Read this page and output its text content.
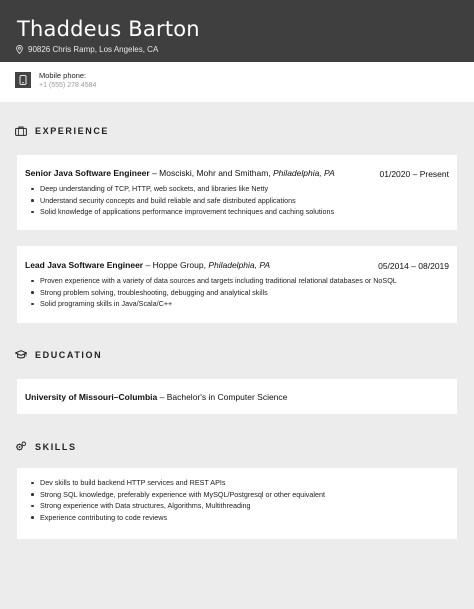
Thaddeus Barton
90826 Chris Ramp, Los Angeles, CA
Mobile phone:
+1 (555) 278 4584
EXPERIENCE
Senior Java Software Engineer – Mosciski, Mohr and Smitham, Philadelphia, PA	01/2020 – Present
Deep understanding of TCP, HTTP, web sockets, and libraries like Netty
Understand security concepts and build reliable and safe distributed applications
Solid knowledge of applications performance improvement techniques and caching solutions
Lead Java Software Engineer – Hoppe Group, Philadelphia, PA	05/2014 – 08/2019
Proven experience with a variety of data sources and targets including traditional relational databases or NoSQL
Strong problem solving, troubleshooting, debugging and analytical skills
Solid programing skills in Java/Scala/C++
EDUCATION
University of Missouri–Columbia – Bachelor's in Computer Science
SKILLS
Dev skills to build backend HTTP services and REST APIs
Strong SQL knowledge, preferably experience with MySQL/Postgresql or other equivalent
Strong experience with Data structures, Algorithms, Multithreading
Experience contributing to code reviews
